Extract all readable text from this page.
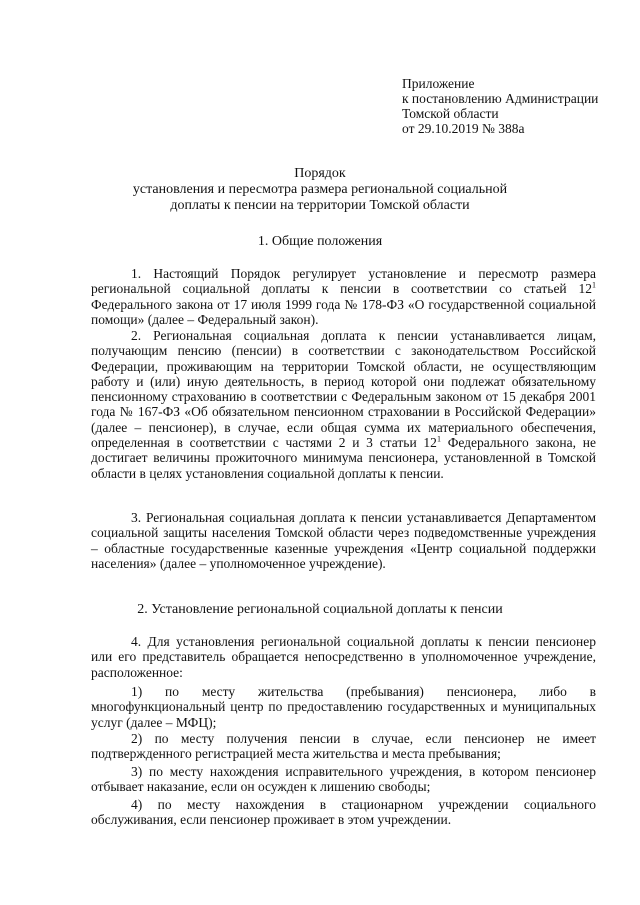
Приложение
к постановлению Администрации
Томской области
от 29.10.2019 № 388а
Порядок
установления и пересмотра размера региональной социальной
доплаты к пенсии на территории Томской области
1. Общие положения

1. Настоящий Порядок регулирует установление и пересмотр размера региональной социальной доплаты к пенсии в соответствии со статьей $12^1$ Федерального закона от 17 июля 1999 года № 178-ФЗ «О государственной социальной помощи» (далее – Федеральный закон).

2. Региональная социальная доплата к пенсии устанавливается лицам, получающим пенсию (пенсии) в соответствии с законодательством Российской Федерации, проживающим на территории Томской области, не осуществляющим работу и (или) иную деятельность, в период которой они подлежат обязательному пенсионному страхованию в соответствии с Федеральным законом от 15 декабря 2001 года № 167-ФЗ «Об обязательном пенсионном страховании в Российской Федерации» (далее – пенсионер), в случае, если общая сумма их материального обеспечения, определенная в соответствии с частями 2 и 3 статьи $12^1$ Федерального закона, не достигает величины прожиточного минимума пенсионера, установленной в Томской области в целях установления социальной доплаты к пенсии.

3. Региональная социальная доплата к пенсии устанавливается Департаментом социальной защиты населения Томской области через подведомственные учреждения – областные государственные казенные учреждения «Центр социальной поддержки населения» (далее – уполномоченное учреждение).

2. Установление региональной социальной доплаты к пенсии

4. Для установления региональной социальной доплаты к пенсии пенсионер или его представитель обращается непосредственно в уполномоченное учреждение, расположенное:

1) по месту жительства (пребывания) пенсионера, либо в многофункциональный центр по предоставлению государственных и муниципальных услуг (далее – МФЦ);

2) по месту получения пенсии в случае, если пенсионер не имеет подтвержденного регистрацией места жительства и места пребывания;

3) по месту нахождения исправительного учреждения, в котором пенсионер отбывает наказание, если он осужден к лишению свободы;

4) по месту нахождения в стационарном учреждении социального обслуживания, если пенсионер проживает в этом учреждении.
